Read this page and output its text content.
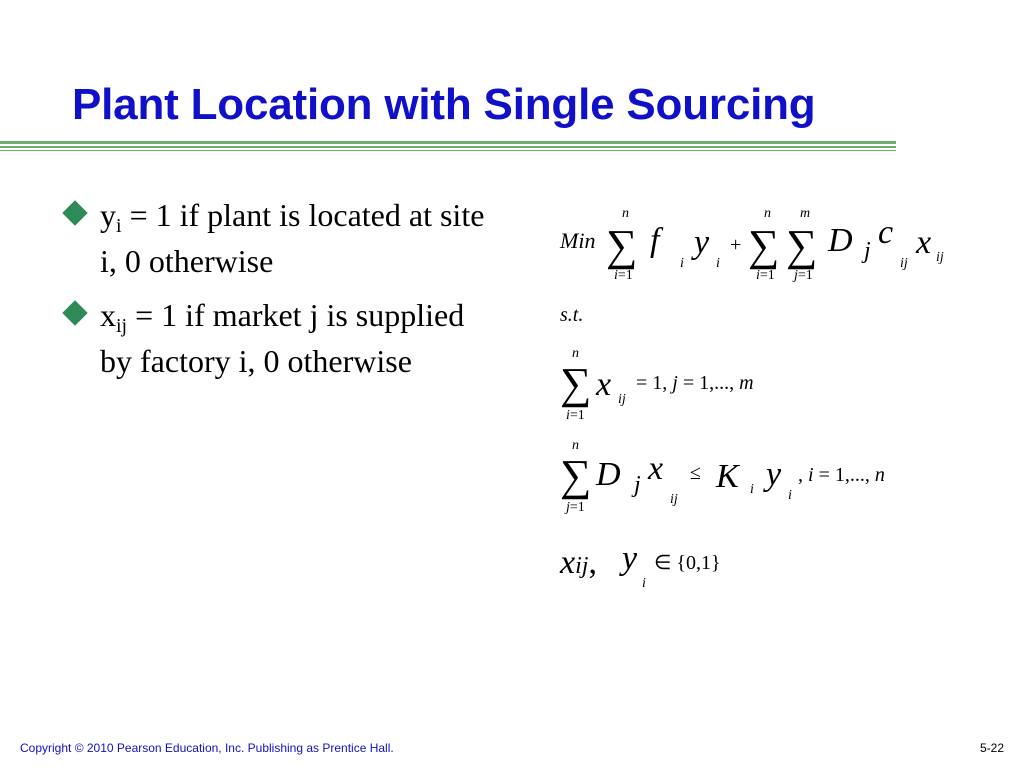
Plant Location with Single Sourcing
$y_i = 1$ if plant is located at site i, 0 otherwise
$x_{ij} = 1$ if market j is supplied by factory i, 0 otherwise
Min ∑
n
i=1
f
i
y
i
+ ∑
n
i=1
∑
m
j=1
D j c
ij
x ij
s.t.
∑
n
i=1
x ij
= 1, j = 1,..., m
∑
n
j=1
D j x
ij
≤ K i y
i
, i = 1,..., n
xij, y
i
∈ {0,1}
Copyright © 2010 Pearson Education, Inc. Publishing as Prentice Hall.	5-22
